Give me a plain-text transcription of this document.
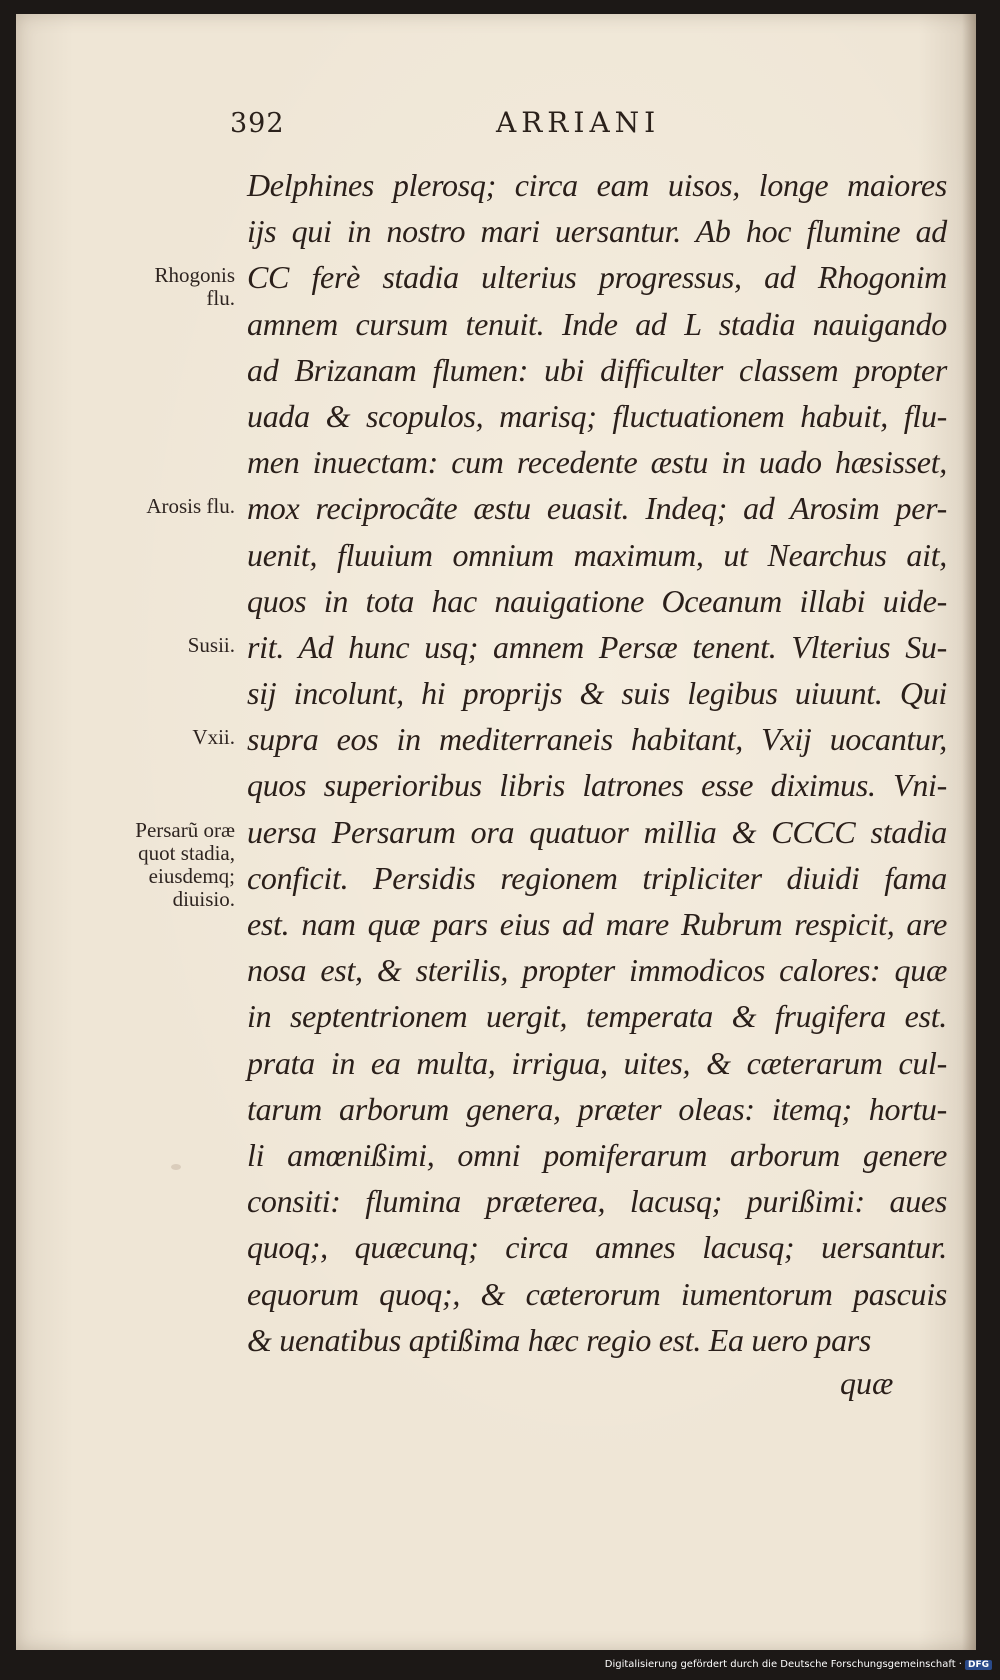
392	ARRIANI
Delphines plerosq; circa eam uisos, longe maiores
ijs qui in nostro mari uersantur. Ab hoc flumine ad
CC ferè stadia ulterius progressus, ad Rhogonim
amnem cursum tenuit. Inde ad L stadia nauigando
ad Brizanam flumen: ubi difficulter classem propter
uada & scopulos, marisq; fluctuationem habuit, flu-
men inuectam: cum recedente æstu in uado hæsisset,
mox reciprocãte æstu euasit. Indeq; ad Arosim per-
uenit, fluuium omnium maximum, ut Nearchus ait,
quos in tota hac nauigatione Oceanum illabi uide-
rit. Ad hunc usq; amnem Persæ tenent. Vlterius Su-
sij incolunt, hi proprijs & suis legibus uiuunt. Qui
supra eos in mediterraneis habitant, Vxij uocantur,
quos superioribus libris latrones esse diximus. Vni-
uersa Persarum ora quatuor millia & CCCC stadia
conficit. Persidis regionem tripliciter diuidi fama
est. nam quæ pars eius ad mare Rubrum respicit, are
nosa est, & sterilis, propter immodicos calores: quæ
in septentrionem uergit, temperata & frugifera est.
prata in ea multa, irrigua, uites, & cæterarum cul-
tarum arborum genera, præter oleas: itemq; hortu-
li amœnißimi, omni pomiferarum arborum genere
consiti: flumina præterea, lacusq; purißimi: aues
quoq;, quæcunq; circa amnes lacusq; uersantur.
equorum quoq;, & cæterorum iumentorum pascuis
& uenatibus aptißima hæc regio est. Ea uero pars
Rhogonis
flu.
Arosis flu.
Susii.
Vxii.
Persarũ oræ
quot stadia,
eiusdemq;
diuisio.
quæ
Digitalisierung gefördert durch die Deutsche Forschungsgemeinschaft · DFG
